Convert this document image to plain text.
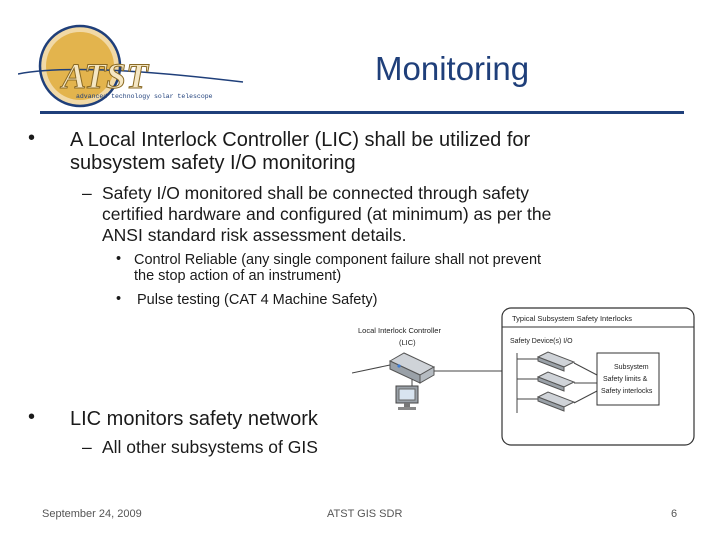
ATST
advanced technology solar telescope
Monitoring
• A Local Interlock Controller (LIC) shall be utilized for
subsystem safety I/O monitoring
– Safety I/O monitored shall be connected through safety
certified hardware and configured (at minimum) as per the
ANSI standard risk assessment details.
• Control Reliable (any single component failure shall not prevent
the stop action of an instrument)
• Pulse testing (CAT 4 Machine Safety)
• LIC monitors safety network
– All other subsystems of GIS
Local Interlock Controller
(LIC)
Typical Subsystem Safety Interlocks
Safety Device(s) I/O
Subsystem
Safety limits &
Safety interlocks
September 24, 2009	ATST GIS SDR	6
